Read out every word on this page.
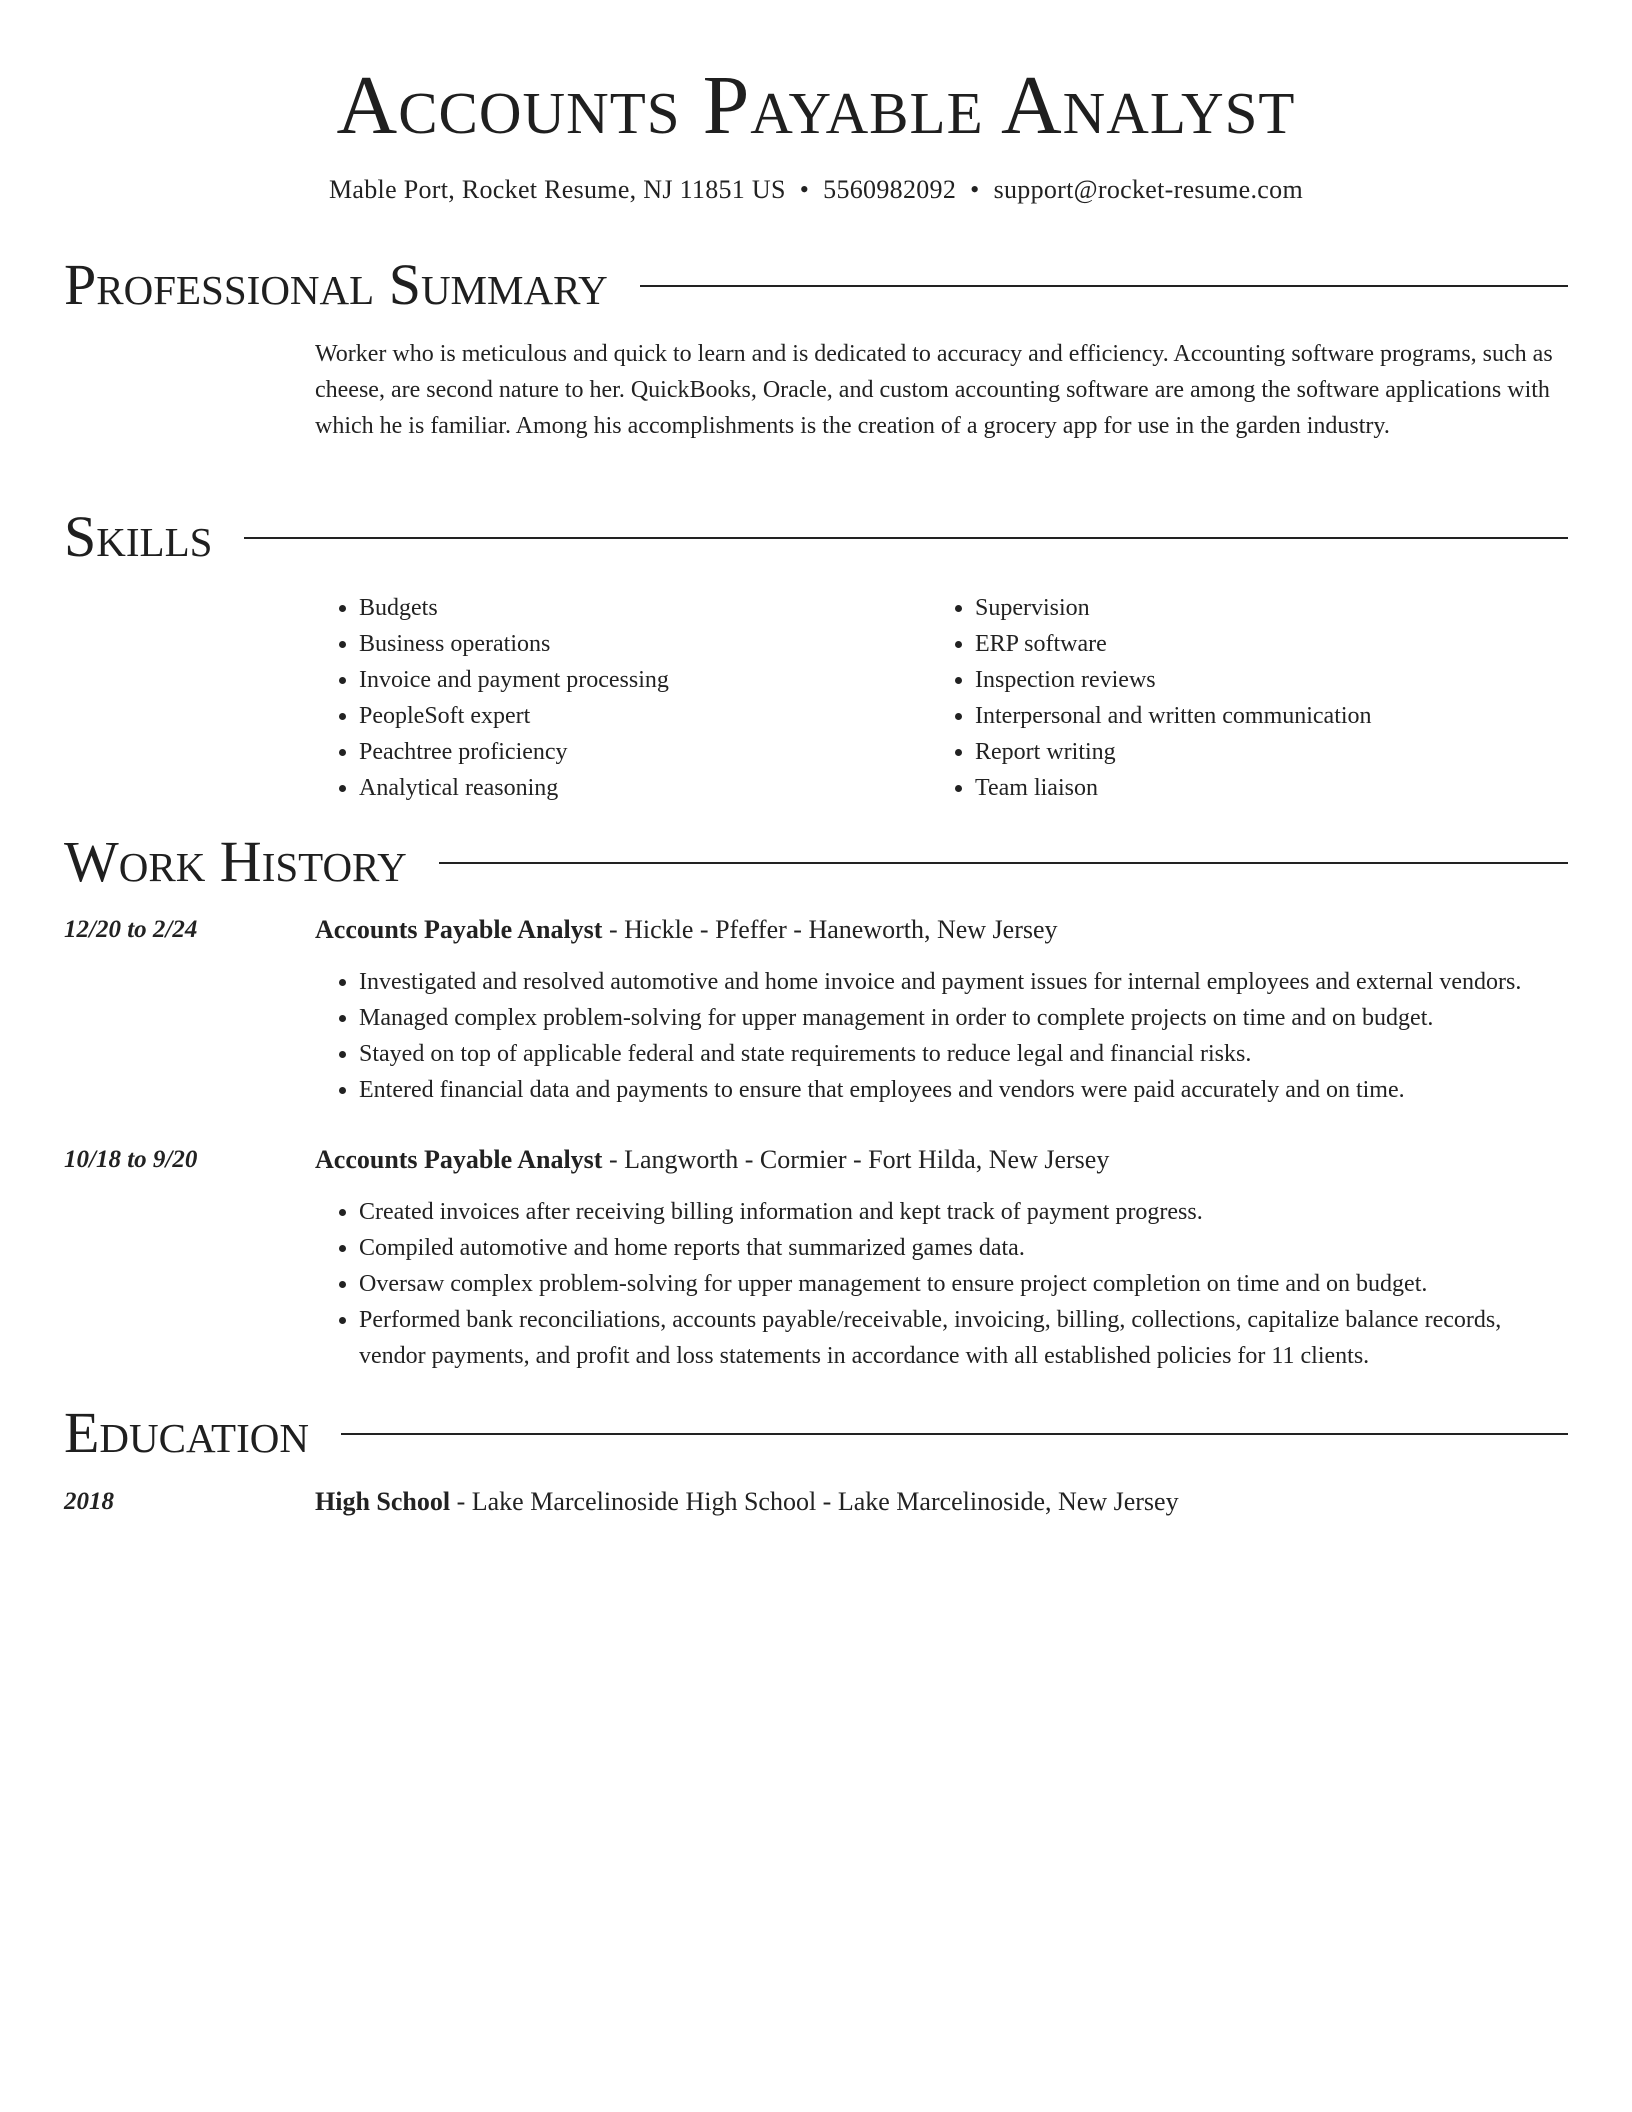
Accounts Payable Analyst
Mable Port, Rocket Resume, NJ 11851 US • 5560982092 • support@rocket-resume.com
Professional Summary

Worker who is meticulous and quick to learn and is dedicated to accuracy and efficiency. Accounting software programs, such as cheese, are second nature to her. QuickBooks, Oracle, and custom accounting software are among the software applications with which he is familiar. Among his accomplishments is the creation of a grocery app for use in the garden industry.

Skills
• Budgets
• Business operations
• Invoice and payment processing
• PeopleSoft expert
• Peachtree proficiency
• Analytical reasoning
• Supervision
• ERP software
• Inspection reviews
• Interpersonal and written communication
• Report writing
• Team liaison
Work History
12/20 to 2/24	Accounts Payable Analyst - Hickle - Pfeffer - Haneworth, New Jersey
• Investigated and resolved automotive and home invoice and payment issues for internal employees and external vendors.
• Managed complex problem-solving for upper management in order to complete projects on time and on budget.
• Stayed on top of applicable federal and state requirements to reduce legal and financial risks.
• Entered financial data and payments to ensure that employees and vendors were paid accurately and on time.
10/18 to 9/20	Accounts Payable Analyst - Langworth - Cormier - Fort Hilda, New Jersey
• Created invoices after receiving billing information and kept track of payment progress.
• Compiled automotive and home reports that summarized games data.
• Oversaw complex problem-solving for upper management to ensure project completion on time and on budget.
• Performed bank reconciliations, accounts payable/receivable, invoicing, billing, collections, capitalize balance records, vendor payments, and profit and loss statements in accordance with all established policies for 11 clients.
Education
2018	High School - Lake Marcelinoside High School - Lake Marcelinoside, New Jersey
